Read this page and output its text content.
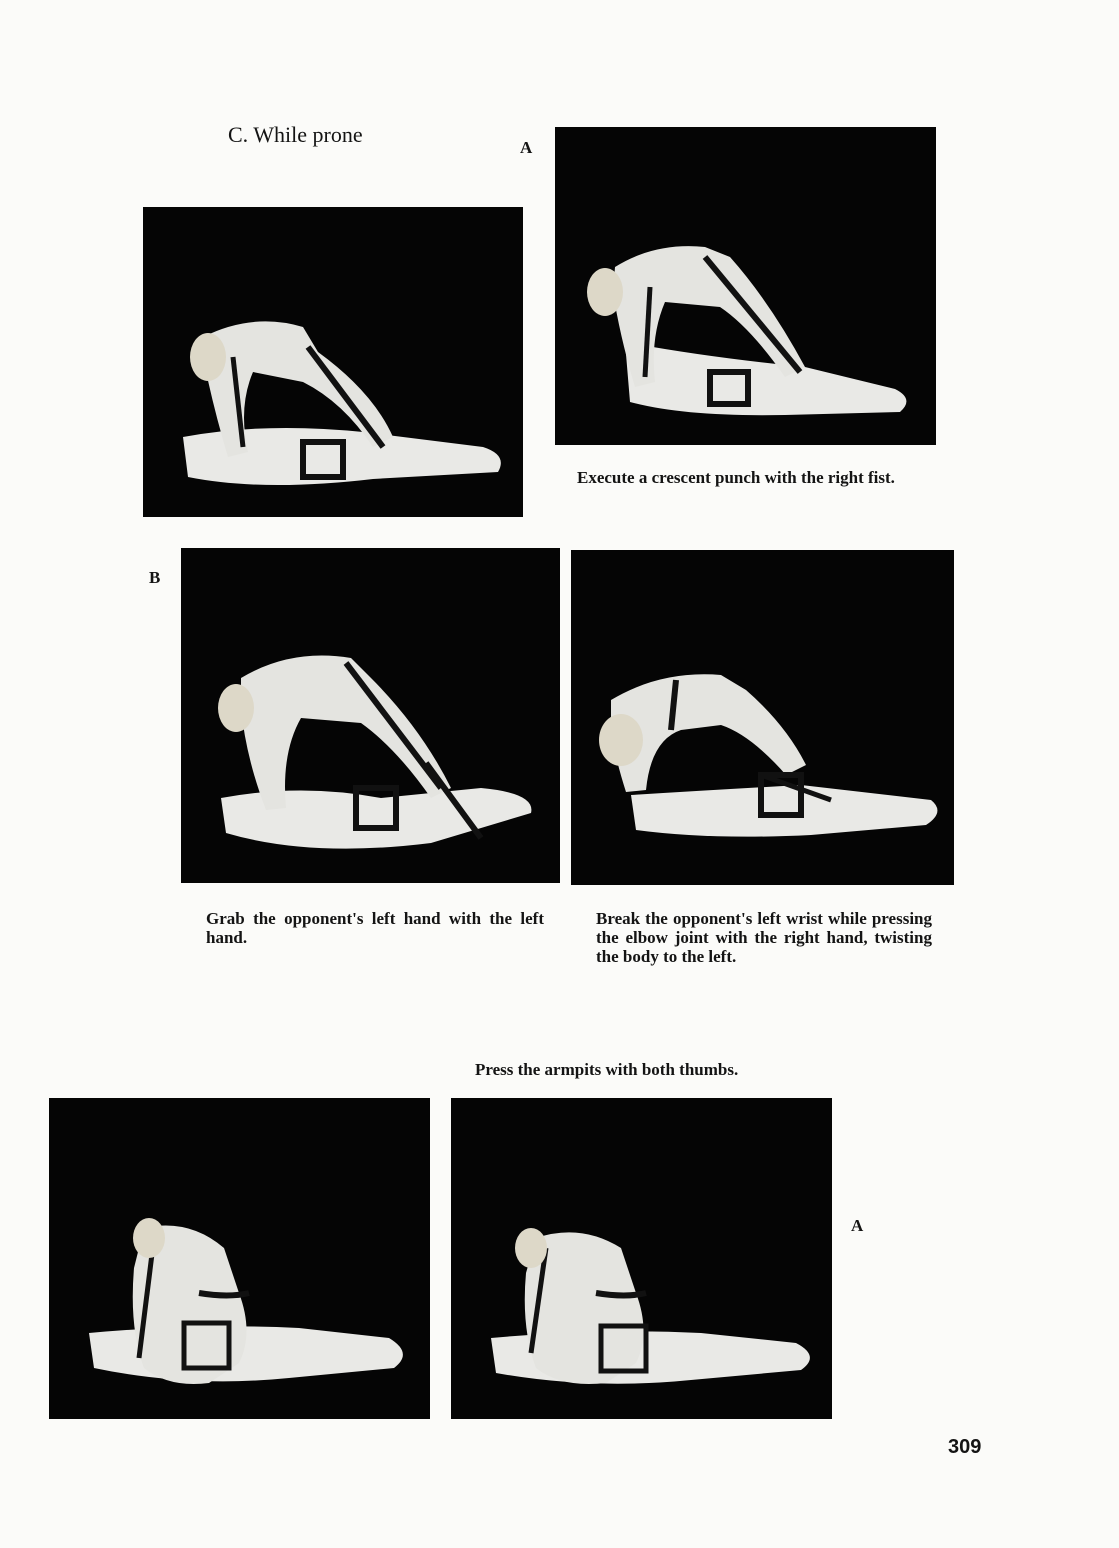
C. While prone
A
Execute a crescent punch with the right fist.
B
Grab the opponent's left hand with the left hand.
Break the opponent's left wrist while pressing the elbow joint with the right hand, twisting the body to the left.
Press the armpits with both thumbs.
A
309
